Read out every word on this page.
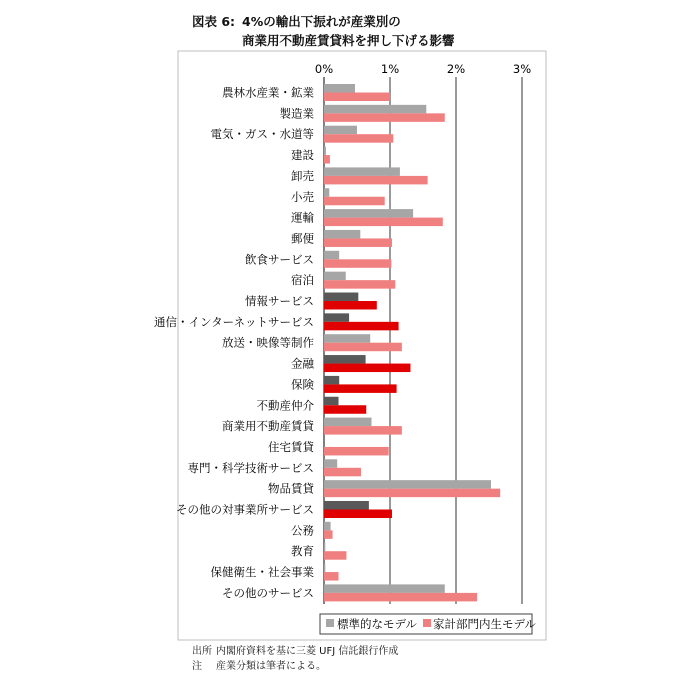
図表 6: 4%の輸出下振れが産業別の
商業用不動産賃貸料を押し下げる影響
0%	1%	2%	3%
農林水産業・鉱業
製造業
電気・ガス・水道等
建設
卸売
小売
運輸
郵便
飲食サービス
宿泊
情報サービス
通信・インターネットサービス
放送・映像等制作
金融
保険
不動産仲介
商業用不動産賃貸
住宅賃貸
専門・科学技術サービス
物品賃貸
その他の対事業所サービス
公務
教育
保健衛生・社会事業
その他のサービス
標準的なモデル 家計部門内生モデル
出所 内閣府資料を基に三菱 UFJ 信託銀行作成
注 産業分類は筆者による。
